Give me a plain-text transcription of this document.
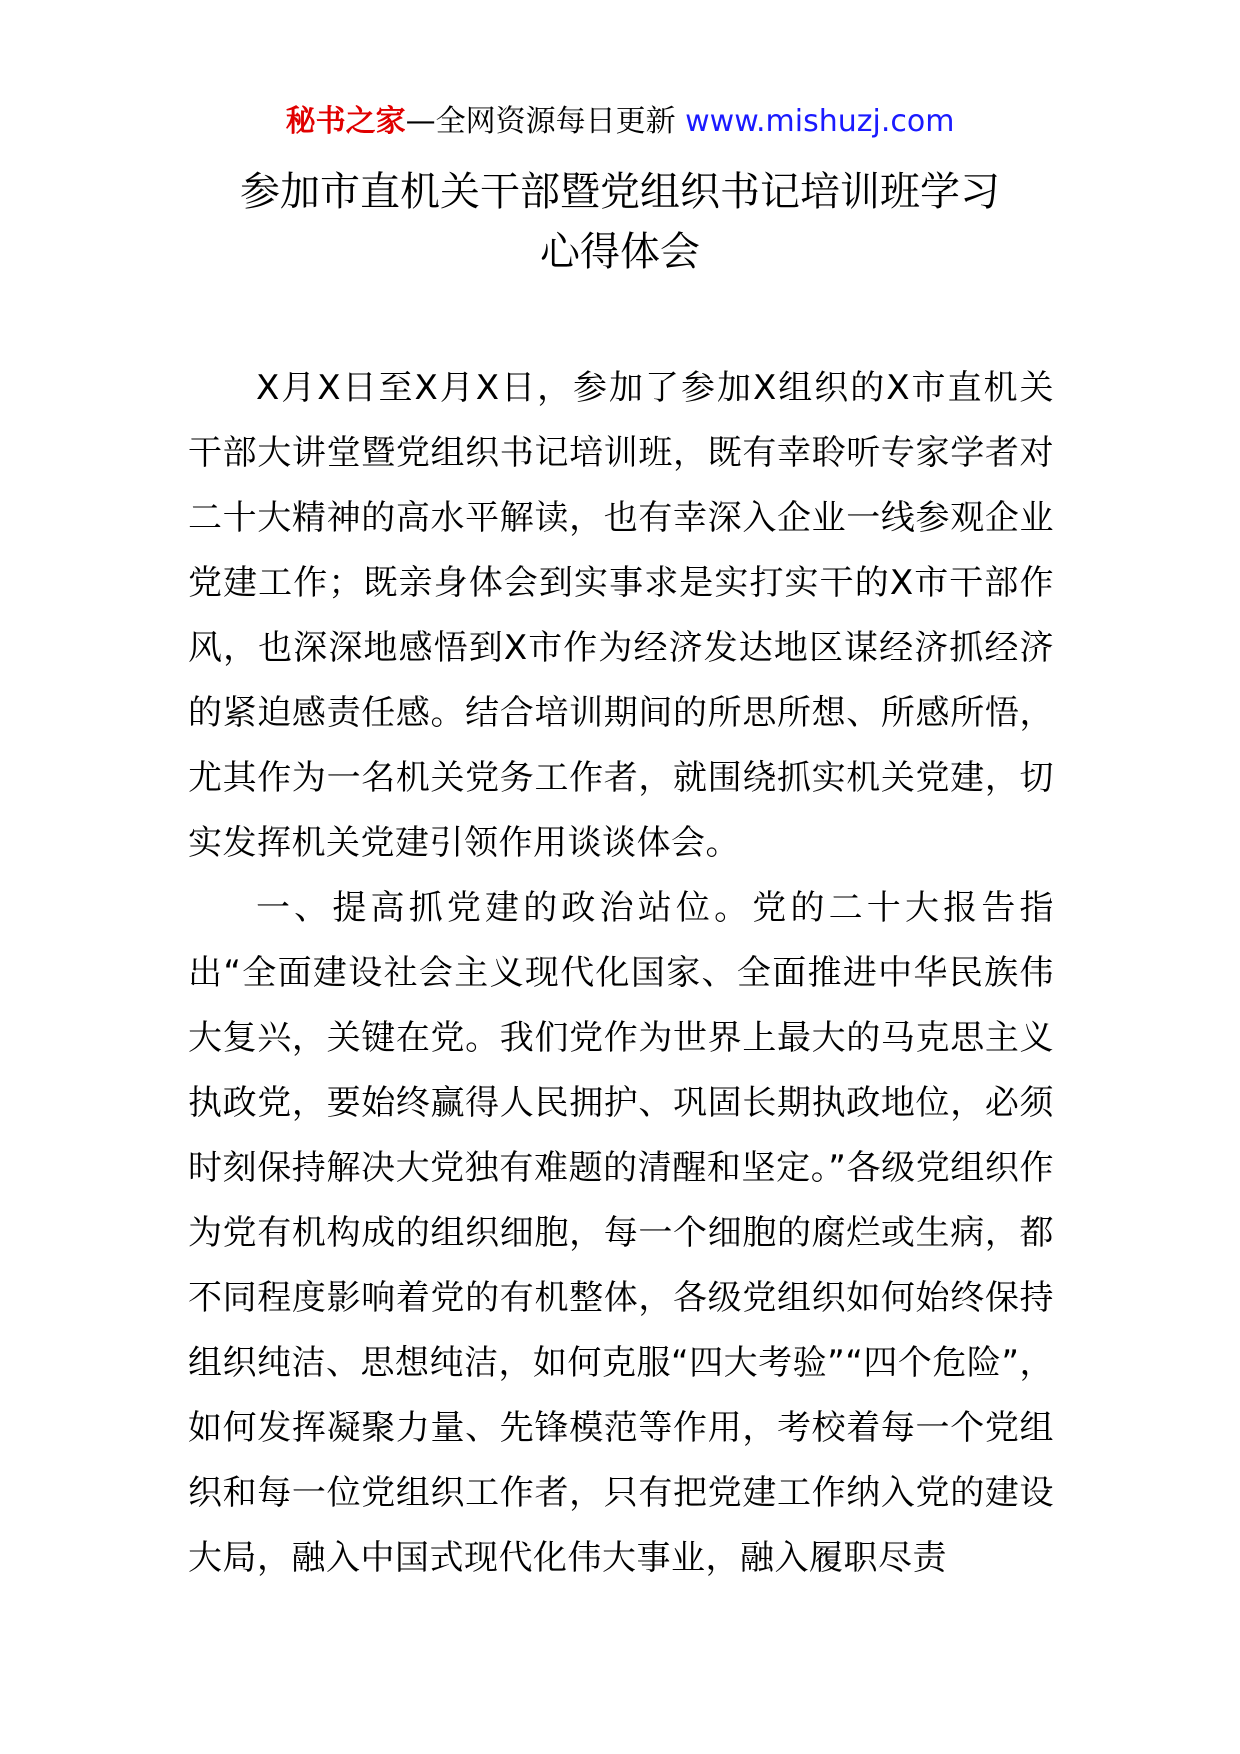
秘书之家—全网资源每日更新 www.mishuzj.com
参加市直机关干部暨党组织书记培训班学习
心得体会

X月X日至X月X日，参加了参加X组织的X市直机关干部大讲堂暨党组织书记培训班，既有幸聆听专家学者对二十大精神的高水平解读，也有幸深入企业一线参观企业党建工作；既亲身体会到实事求是实打实干的X市干部作风，也深深地感悟到X市作为经济发达地区谋经济抓经济的紧迫感责任感。结合培训期间的所思所想、所感所悟，尤其作为一名机关党务工作者，就围绕抓实机关党建，切实发挥机关党建引领作用谈谈体会。

一、提高抓党建的政治站位。党的二十大报告指出“全面建设社会主义现代化国家、全面推进中华民族伟大复兴，关键在党。我们党作为世界上最大的马克思主义执政党，要始终赢得人民拥护、巩固长期执政地位，必须时刻保持解决大党独有难题的清醒和坚定。”各级党组织作为党有机构成的组织细胞，每一个细胞的腐烂或生病，都不同程度影响着党的有机整体，各级党组织如何始终保持组织纯洁、思想纯洁，如何克服“四大考验”“四个危险”，如何发挥凝聚力量、先锋模范等作用，考校着每一个党组织和每一位党组织工作者，只有把党建工作纳入党的建设大局，融入中国式现代化伟大事业，融入履职尽责
